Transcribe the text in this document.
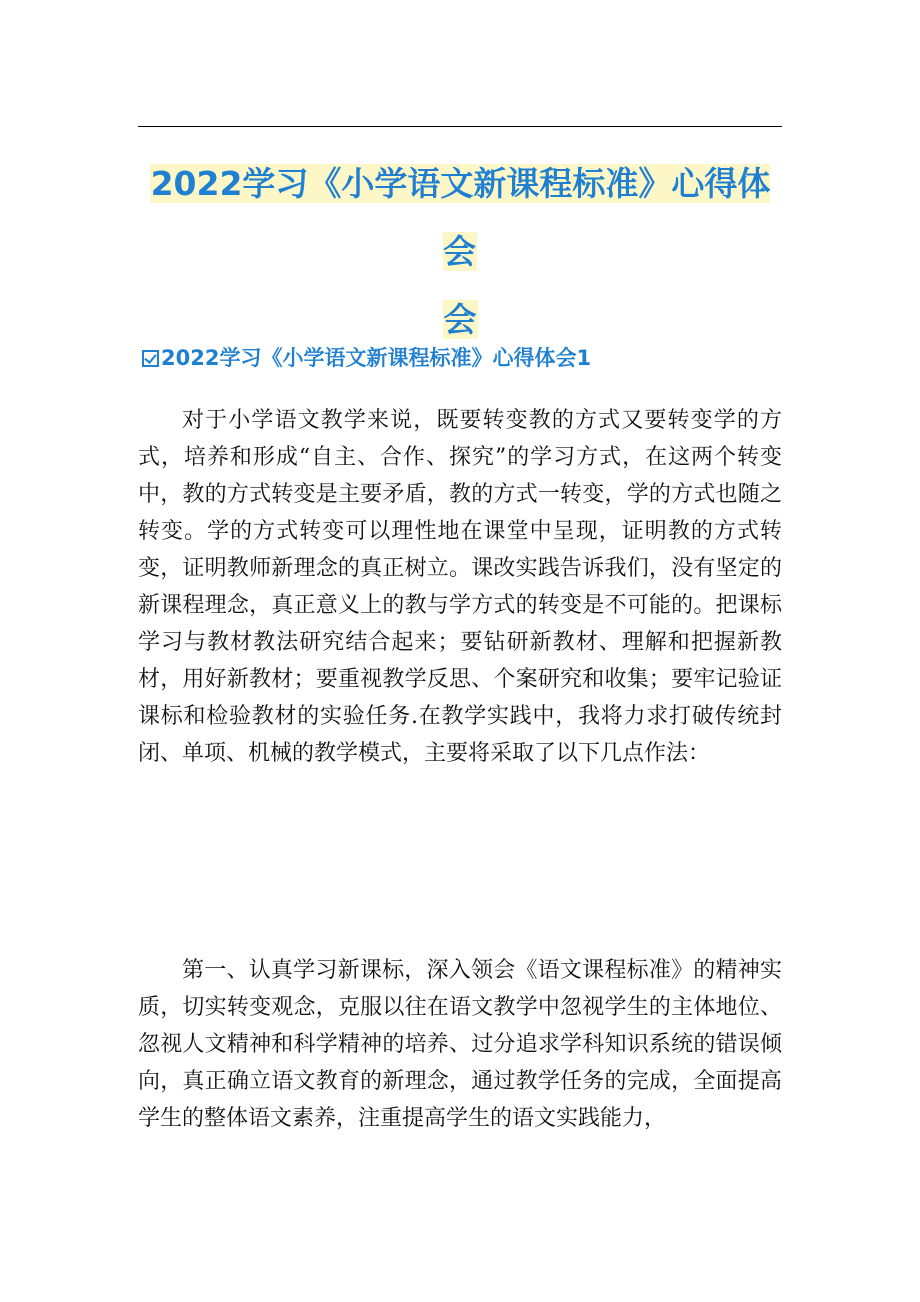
2022学习《小学语文新课程标准》心得体会
会
2022学习《小学语文新课程标准》心得体会1

对于小学语文教学来说，既要转变教的方式又要转变学的方式，培养和形成“自主、合作、探究”的学习方式，在这两个转变中，教的方式转变是主要矛盾，教的方式一转变，学的方式也随之转变。学的方式转变可以理性地在课堂中呈现，证明教的方式转变，证明教师新理念的真正树立。课改实践告诉我们，没有坚定的新课程理念，真正意义上的教与学方式的转变是不可能的。把课标学习与教材教法研究结合起来；要钻研新教材、理解和把握新教材，用好新教材；要重视教学反思、个案研究和收集；要牢记验证课标和检验教材的实验任务.在教学实践中，我将力求打破传统封闭、单项、机械的教学模式，主要将采取了以下几点作法：

第一、认真学习新课标，深入领会《语文课程标准》的精神实质，切实转变观念，克服以往在语文教学中忽视学生的主体地位、忽视人文精神和科学精神的培养、过分追求学科知识系统的错误倾向，真正确立语文教育的新理念，通过教学任务的完成，全面提高学生的整体语文素养，注重提高学生的语文实践能力，
